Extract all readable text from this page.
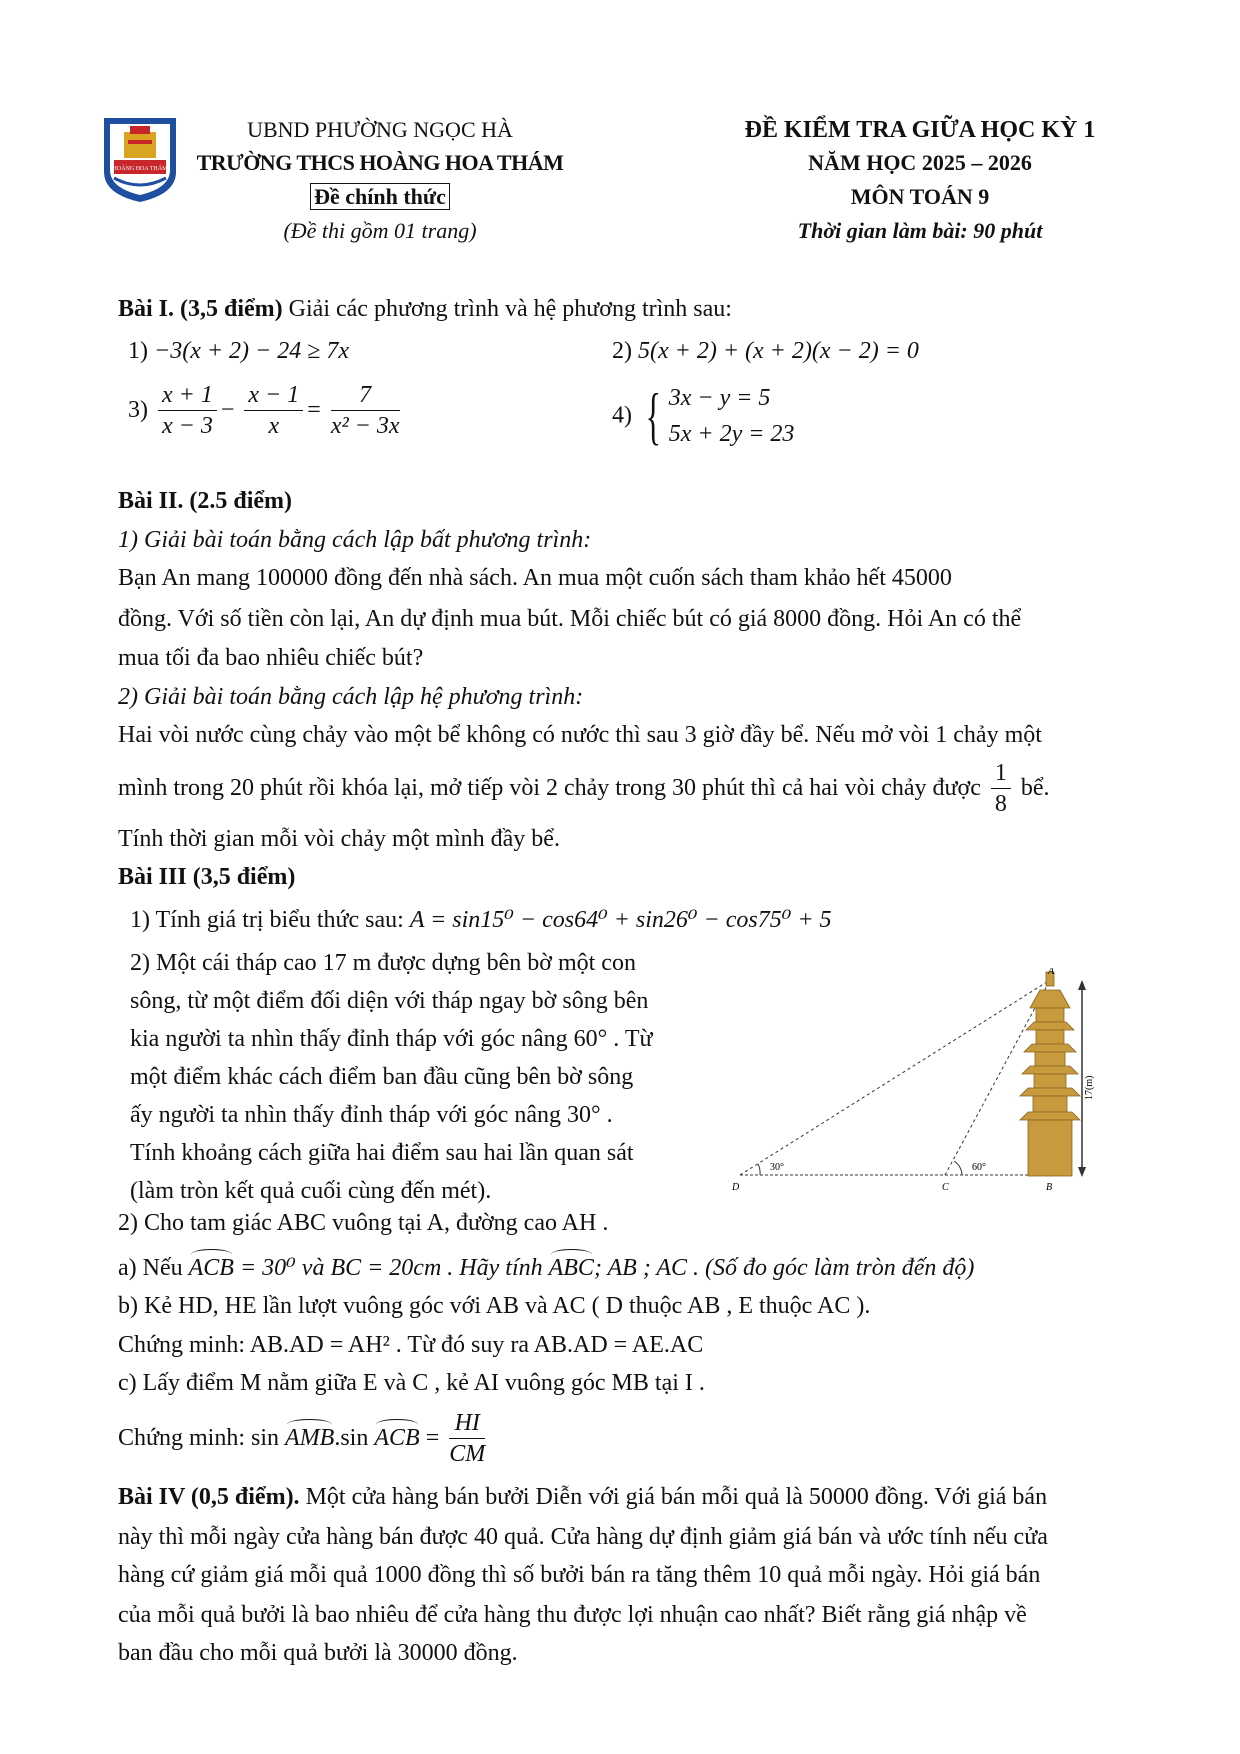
HOÀNG HOA THÁM
UBND PHƯỜNG NGỌC HÀ
TRƯỜNG THCS HOÀNG HOA THÁM
Đề chính thức
(Đề thi gồm 01 trang)
ĐỀ KIỂM TRA GIỮA HỌC KỲ 1
NĂM HỌC 2025 – 2026
MÔN TOÁN 9
Thời gian làm bài: 90 phút
Bài I. (3,5 điểm) Giải các phương trình và hệ phương trình sau:
1) −3(x + 2) − 24 ≥ 7x	2) 5(x + 2) + (x + 2)(x − 2) = 0
$3) \frac{x + 1}{x - 3} - \frac{x - 1}{x} = \frac{7}{\text{x² − 3x}}$	4) { 3x − y = 5
5x + 2y = 23
Bài II. (2.5 điểm)
1) Giải bài toán bằng cách lập bất phương trình:
Bạn An mang 100000 đồng đến nhà sách. An mua một cuốn sách tham khảo hết 45000
đồng. Với số tiền còn lại, An dự định mua bút. Mỗi chiếc bút có giá 8000 đồng. Hỏi An có thể
mua tối đa bao nhiêu chiếc bút?
2) Giải bài toán bằng cách lập hệ phương trình:
Hai vòi nước cùng chảy vào một bể không có nước thì sau 3 giờ đầy bể. Nếu mở vòi 1 chảy một
mình trong 20 phút rồi khóa lại, mở tiếp vòi 2 chảy trong 30 phút thì cả hai vòi chảy được $\frac{1}{8}$ bể.
Tính thời gian mỗi vòi chảy một mình đầy bể.
Bài III (3,5 điểm)
1) Tính giá trị biểu thức sau: A = sin15⁰ − cos64⁰ + sin26⁰ − cos75⁰ + 5
2) Một cái tháp cao 17 m được dựng bên bờ một con
sông, từ một điểm đối diện với tháp ngay bờ sông bên
kia người ta nhìn thấy đỉnh tháp với góc nâng 60° . Từ
một điểm khác cách điểm ban đầu cũng bên bờ sông
ấy người ta nhìn thấy đỉnh tháp với góc nâng 30° .
Tính khoảng cách giữa hai điểm sau hai lần quan sát
(làm tròn kết quả cuối cùng đến mét).
A
B
C
D
30°	60°
17(m)
2) Cho tam giác ABC vuông tại A, đường cao AH .
a) Nếu ACB = 30⁰ và BC = 20cm . Hãy tính ABC; AB ; AC . (Số đo góc làm tròn đến độ)
b) Kẻ HD, HE lần lượt vuông góc với AB và AC ( D thuộc AB , E thuộc AC ).
Chứng minh: AB.AD = AH² . Từ đó suy ra AB.AD = AE.AC
c) Lấy điểm M nằm giữa E và C , kẻ AI vuông góc MB tại I .
Chứng minh: sin AMB.sin ACB = $\frac{HI}{CM}$
Bài IV (0,5 điểm). Một cửa hàng bán bưởi Diễn với giá bán mỗi quả là 50000 đồng. Với giá bán
này thì mỗi ngày cửa hàng bán được 40 quả. Cửa hàng dự định giảm giá bán và ước tính nếu cửa
hàng cứ giảm giá mỗi quả 1000 đồng thì số bưởi bán ra tăng thêm 10 quả mỗi ngày. Hỏi giá bán
của mỗi quả bưởi là bao nhiêu để cửa hàng thu được lợi nhuận cao nhất? Biết rằng giá nhập về
ban đầu cho mỗi quả bưởi là 30000 đồng.
